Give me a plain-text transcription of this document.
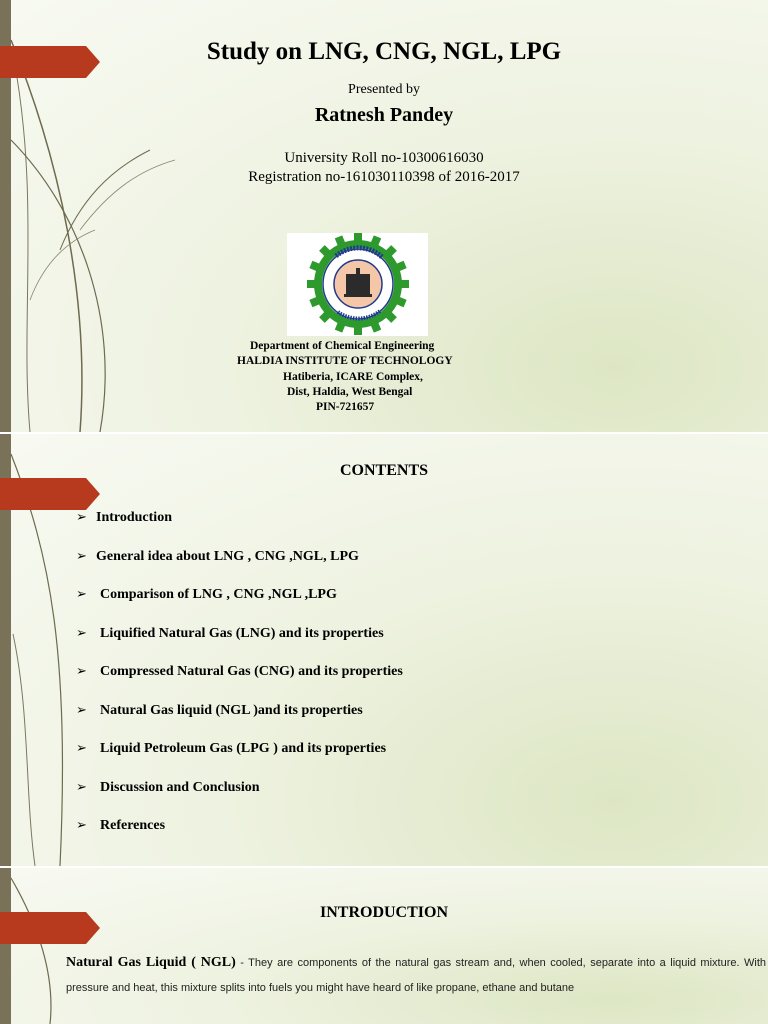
Study on LNG, CNG, NGL, LPG
Presented by
Ratnesh Pandey
University Roll no-10300616030
Registration no-161030110398 of 2016-2017
Department of Chemical Engineering
HALDIA INSTITUTE OF TECHNOLOGY
Hatiberia, ICARE Complex,
Dist, Haldia, West Bengal
PIN-721657
CONTENTS
➢ Introduction
➢ General idea about LNG , CNG ,NGL, LPG
➢ Comparison of LNG , CNG ,NGL ,LPG
➢ Liquified Natural Gas (LNG) and its properties
➢ Compressed Natural Gas (CNG) and its properties
➢ Natural Gas liquid (NGL )and its properties
➢ Liquid Petroleum Gas (LPG ) and its properties
➢ Discussion and Conclusion
➢ References
INTRODUCTION
Natural Gas Liquid ( NGL) - They are components of the natural gas stream and, when cooled, separate into a liquid mixture. With pressure and heat, this mixture splits into fuels you might have heard of like propane, ethane and butane
